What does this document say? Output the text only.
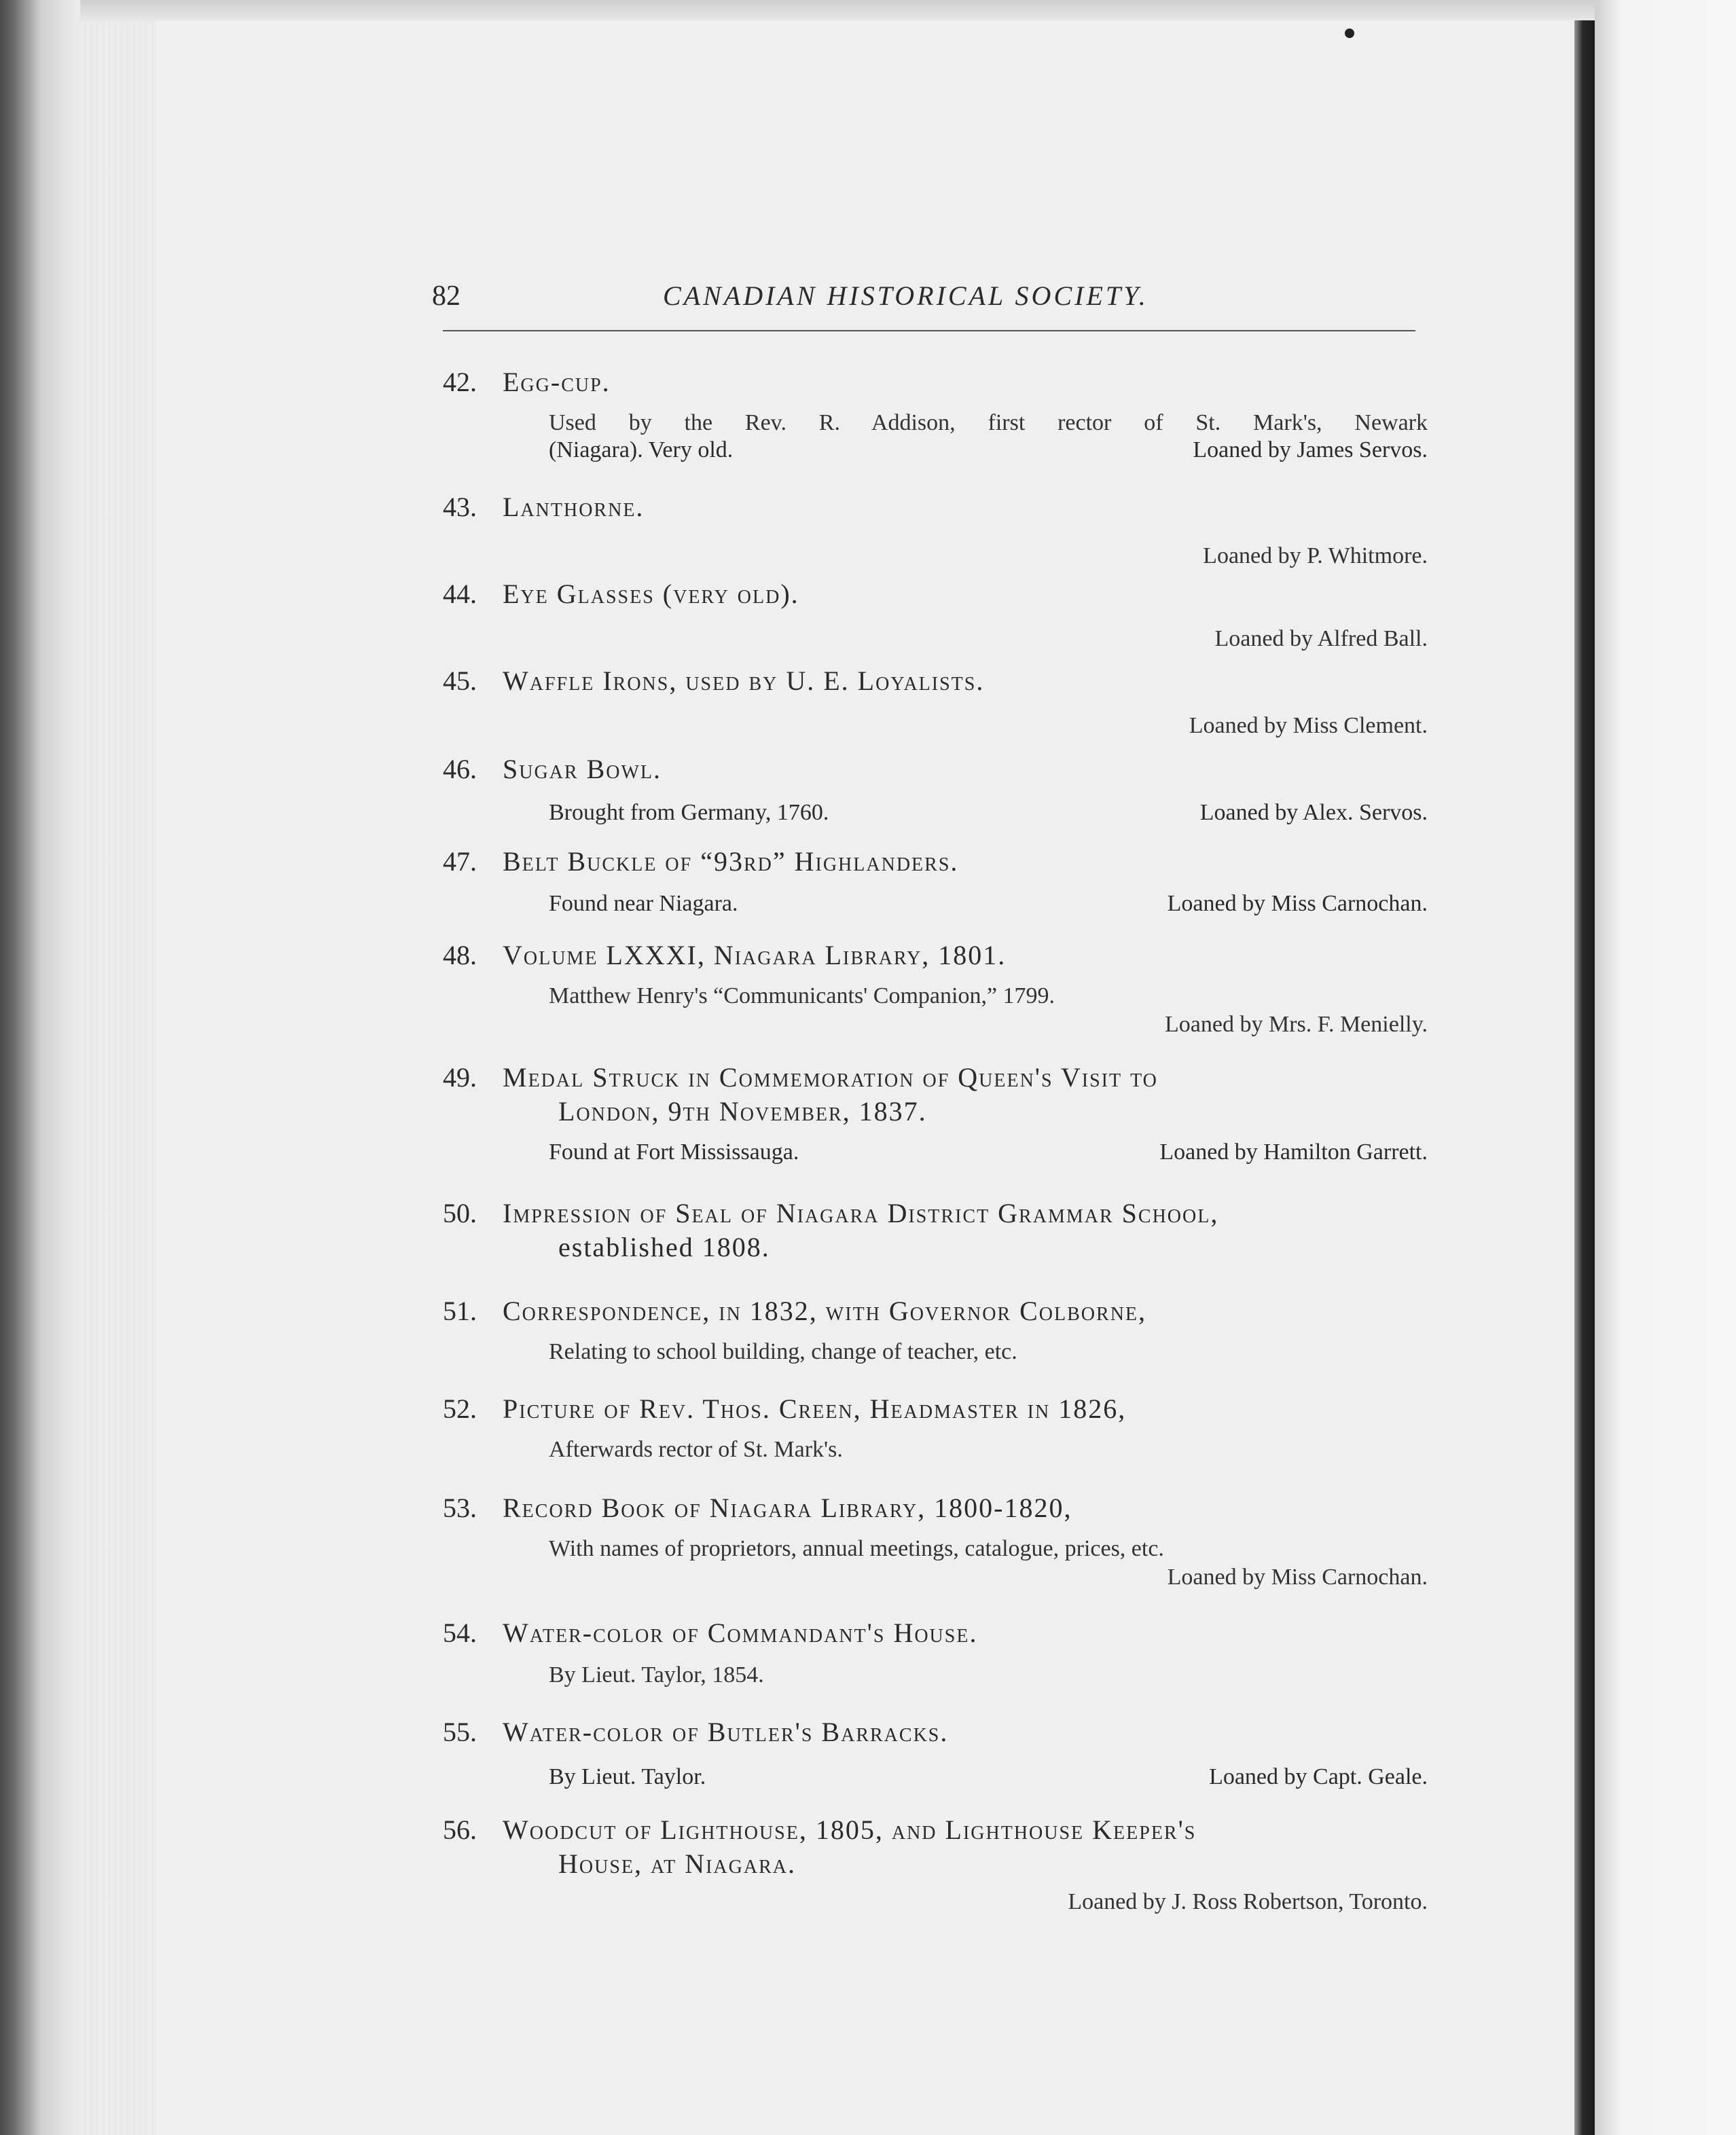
82	CANADIAN HISTORICAL SOCIETY.
42. Egg-cup.
Used by the Rev. R. Addison, first rector of St. Mark's, Newark
(Niagara). Very old.	Loaned by James Servos.
43. Lanthorne.
Loaned by P. Whitmore.
44. Eye Glasses (very old).
Loaned by Alfred Ball.
45. Waffle Irons, used by U. E. Loyalists.
Loaned by Miss Clement.
46. Sugar Bowl.
Brought from Germany, 1760.	Loaned by Alex. Servos.
47. Belt Buckle of “93rd” Highlanders.
Found near Niagara.	Loaned by Miss Carnochan.
48. Volume LXXXI, Niagara Library, 1801.
Matthew Henry's “Communicants' Companion,” 1799.
Loaned by Mrs. F. Menielly.
49. Medal Struck in Commemoration of Queen's Visit to
London, 9th November, 1837.
Found at Fort Mississauga.	Loaned by Hamilton Garrett.
50. Impression of Seal of Niagara District Grammar School,
established 1808.
51. Correspondence, in 1832, with Governor Colborne,
Relating to school building, change of teacher, etc.
52. Picture of Rev. Thos. Creen, Headmaster in 1826,
Afterwards rector of St. Mark's.
53. Record Book of Niagara Library, 1800-1820,
With names of proprietors, annual meetings, catalogue, prices, etc.
Loaned by Miss Carnochan.
54. Water-color of Commandant's House.
By Lieut. Taylor, 1854.
55. Water-color of Butler's Barracks.
By Lieut. Taylor.	Loaned by Capt. Geale.
56. Woodcut of Lighthouse, 1805, and Lighthouse Keeper's
House, at Niagara.
Loaned by J. Ross Robertson, Toronto.
